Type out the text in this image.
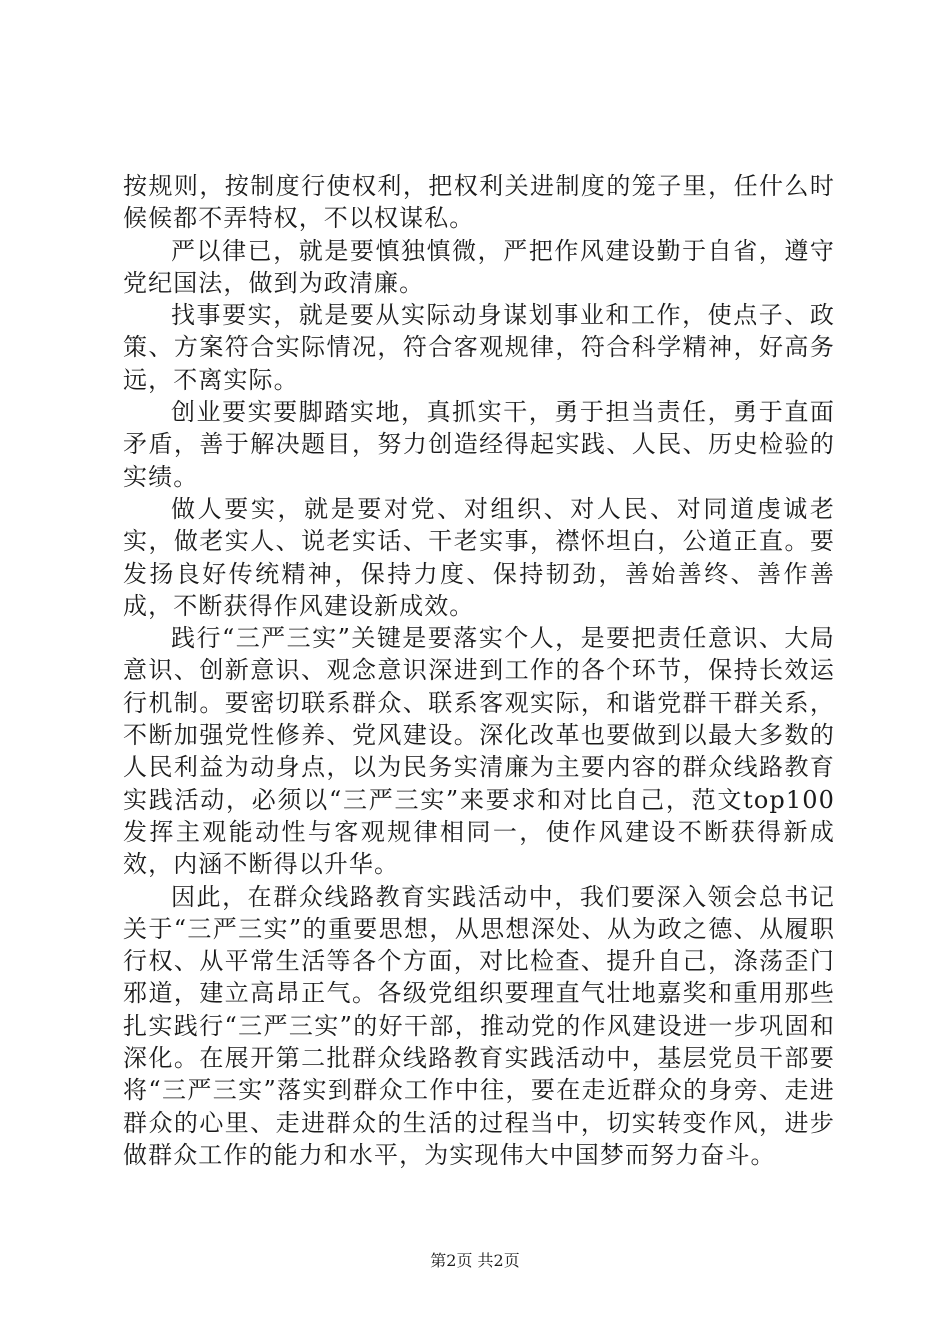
按规则，按制度行使权利，把权利关进制度的笼子里，任什么时候候都不弄特权，不以权谋私。

严以律已，就是要慎独慎微，严把作风建设勤于自省，遵守党纪国法，做到为政清廉。

找事要实，就是要从实际动身谋划事业和工作，使点子、政策、方案符合实际情况，符合客观规律，符合科学精神，好高务远，不离实际。

创业要实要脚踏实地，真抓实干，勇于担当责任，勇于直面矛盾，善于解决题目，努力创造经得起实践、人民、历史检验的实绩。

做人要实，就是要对党、对组织、对人民、对同道虔诚老实，做老实人、说老实话、干老实事，襟怀坦白，公道正直。要发扬良好传统精神，保持力度、保持韧劲，善始善终、善作善成，不断获得作风建设新成效。

践行“三严三实”关键是要落实个人，是要把责任意识、大局意识、创新意识、观念意识深进到工作的各个环节，保持长效运行机制。要密切联系群众、联系客观实际，和谐党群干群关系，不断加强党性修养、党风建设。深化改革也要做到以最大多数的人民利益为动身点，以为民务实清廉为主要内容的群众线路教育实践活动，必须以“三严三实”来要求和对比自己，范文top100发挥主观能动性与客观规律相同一，使作风建设不断获得新成效，内涵不断得以升华。

因此，在群众线路教育实践活动中，我们要深入领会总书记关于“三严三实”的重要思想，从思想深处、从为政之德、从履职行权、从平常生活等各个方面，对比检查、提升自己，涤荡歪门邪道，建立高昂正气。各级党组织要理直气壮地嘉奖和重用那些扎实践行“三严三实”的好干部，推动党的作风建设进一步巩固和深化。在展开第二批群众线路教育实践活动中，基层党员干部要将“三严三实”落实到群众工作中往，要在走近群众的身旁、走进群众的心里、走进群众的生活的过程当中，切实转变作风，进步做群众工作的能力和水平，为实现伟大中国梦而努力奋斗。

第2页 共2页
